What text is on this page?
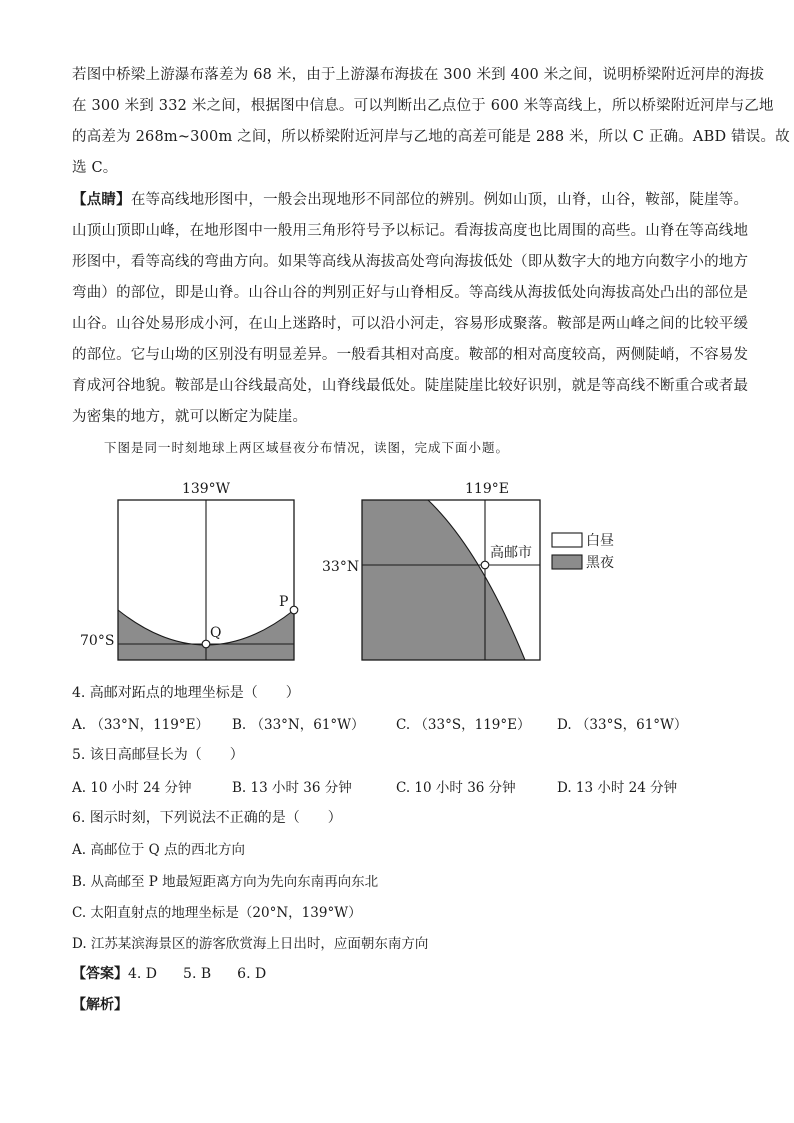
若图中桥梁上游瀑布落差为 68 米，由于上游瀑布海拔在 300 米到 400 米之间，说明桥梁附近河岸的海拔
在 300 米到 332 米之间，根据图中信息。可以判断出乙点位于 600 米等高线上，所以桥梁附近河岸与乙地
的高差为 268m~300m 之间，所以桥梁附近河岸与乙地的高差可能是 288 米，所以 C 正确。ABD 错误。故
选 C。
【点睛】在等高线地形图中，一般会出现地形不同部位的辨别。例如山顶，山脊，山谷，鞍部，陡崖等。
山顶山顶即山峰，在地形图中一般用三角形符号予以标记。看海拔高度也比周围的高些。山脊在等高线地
形图中，看等高线的弯曲方向。如果等高线从海拔高处弯向海拔低处（即从数字大的地方向数字小的地方
弯曲）的部位，即是山脊。山谷山谷的判别正好与山脊相反。等高线从海拔低处向海拔高处凸出的部位是
山谷。山谷处易形成小河，在山上迷路时，可以沿小河走，容易形成聚落。鞍部是两山峰之间的比较平缓
的部位。它与山坳的区别没有明显差异。一般看其相对高度。鞍部的相对高度较高，两侧陡峭，不容易发
育成河谷地貌。鞍部是山谷线最高处，山脊线最低处。陡崖陡崖比较好识别，就是等高线不断重合或者最
为密集的地方，就可以断定为陡崖。
下图是同一时刻地球上两区域昼夜分布情况，读图，完成下面小题。
139°W
70°S
P
Q
119°E
33°N
高邮市
白昼
黑夜
4. 高邮对跖点的地理坐标是（　　）
A. （33°N，119°E） B. （33°N，61°W） C. （33°S，119°E） D. （33°S，61°W）
5. 该日高邮昼长为（　　）
A. 10 小时 24 分钟	B. 13 小时 36 分钟	C. 10 小时 36 分钟	D. 13 小时 24 分钟
6. 图示时刻，下列说法不正确的是（　　）
A. 高邮位于 Q 点的西北方向
B. 从高邮至 P 地最短距离方向为先向东南再向东北
C. 太阳直射点的地理坐标是（20°N，139°W）
D. 江苏某滨海景区的游客欣赏海上日出时，应面朝东南方向
【答案】4. D 5. B 6. D
【解析】
